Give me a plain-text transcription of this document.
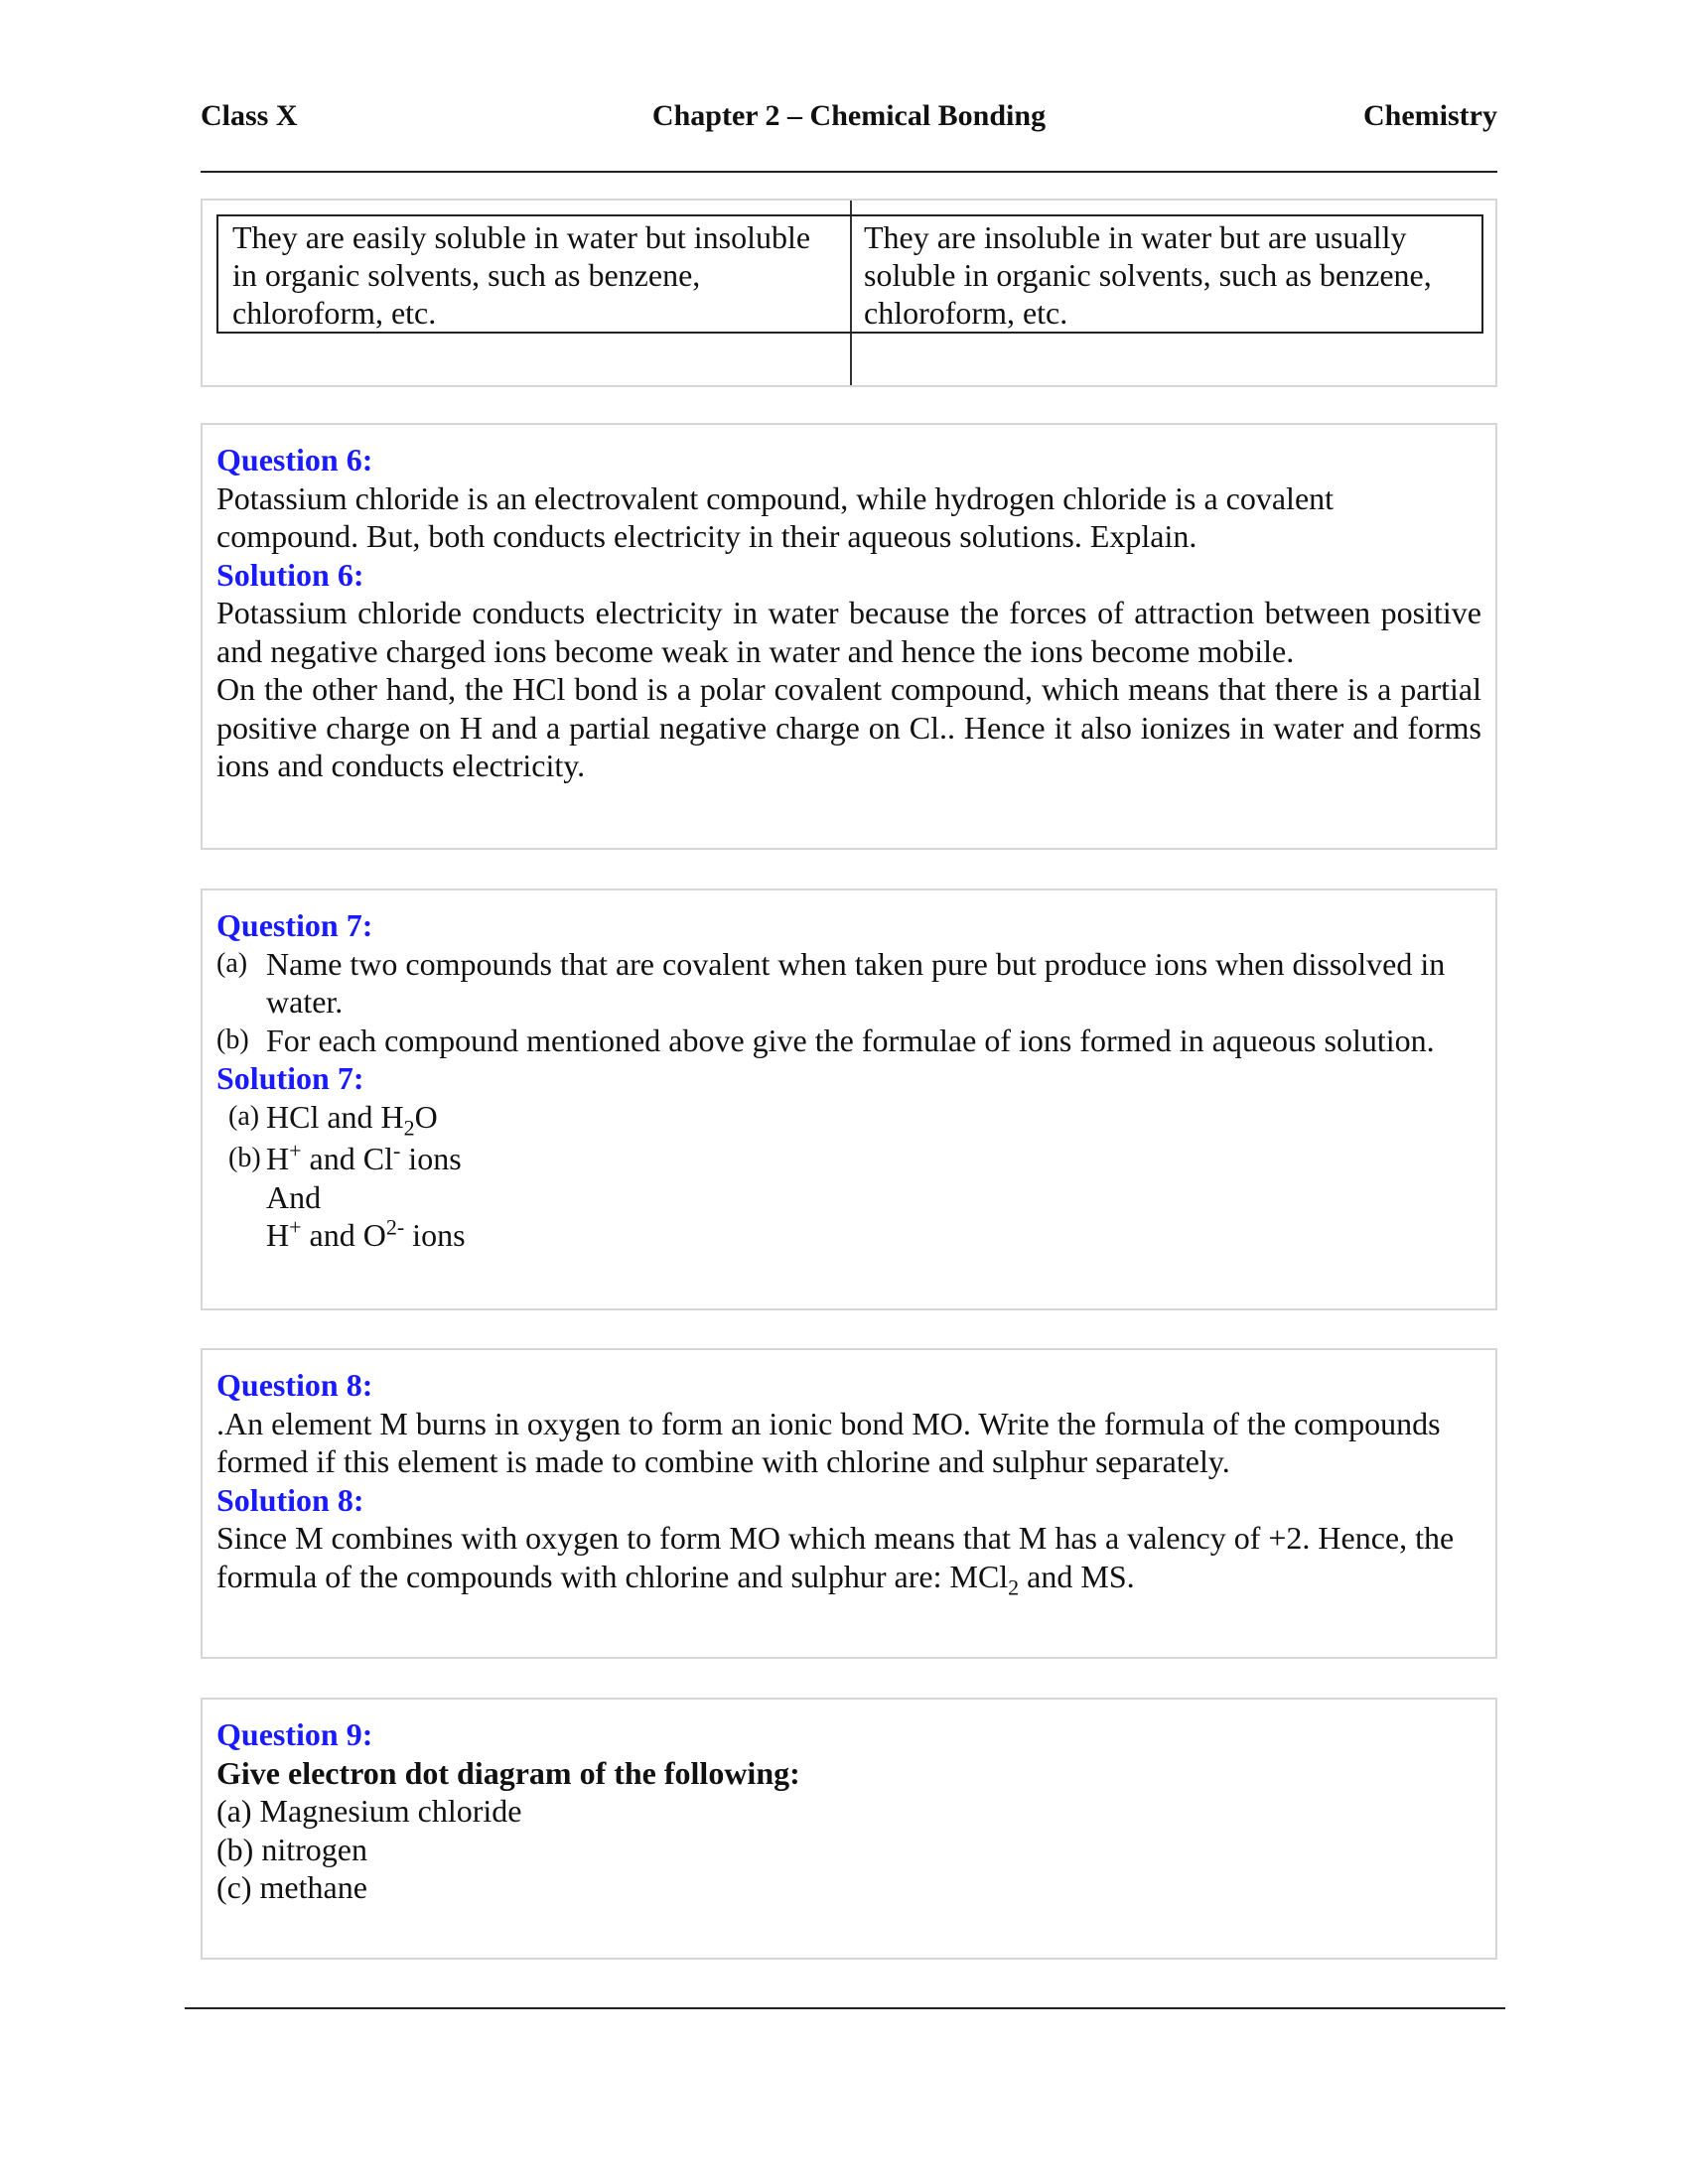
Class X	Chapter 2 – Chemical Bonding	Chemistry
They are easily soluble in water but insoluble in organic solvents, such as benzene, chloroform, etc.
They are insoluble in water but are usually soluble in organic solvents, such as benzene, chloroform, etc.
Question 6:
Potassium chloride is an electrovalent compound, while hydrogen chloride is a covalent compound. But, both conducts electricity in their aqueous solutions. Explain.
Solution 6:
Potassium chloride conducts electricity in water because the forces of attraction between positive and negative charged ions become weak in water and hence the ions become mobile.
On the other hand, the HCl bond is a polar covalent compound, which means that there is a partial positive charge on H and a partial negative charge on Cl.. Hence it also ionizes in water and forms ions and conducts electricity.
Question 7:
(a) Name two compounds that are covalent when taken pure but produce ions when dissolved in water.
(b) For each compound mentioned above give the formulae of ions formed in aqueous solution.
Solution 7:
(a) HCl and $H_2O$
(b) H+ and Cl- ions
And
H+ and $O^{2-}$ ions
Question 8:
.An element M burns in oxygen to form an ionic bond MO. Write the formula of the compounds formed if this element is made to combine with chlorine and sulphur separately.
Solution 8:
Since M combines with oxygen to form MO which means that M has a valency of +2. Hence, the formula of the compounds with chlorine and sulphur are: MCl$_2$ and MS.
Question 9:
Give electron dot diagram of the following:
(a) Magnesium chloride
(b) nitrogen
(c) methane
